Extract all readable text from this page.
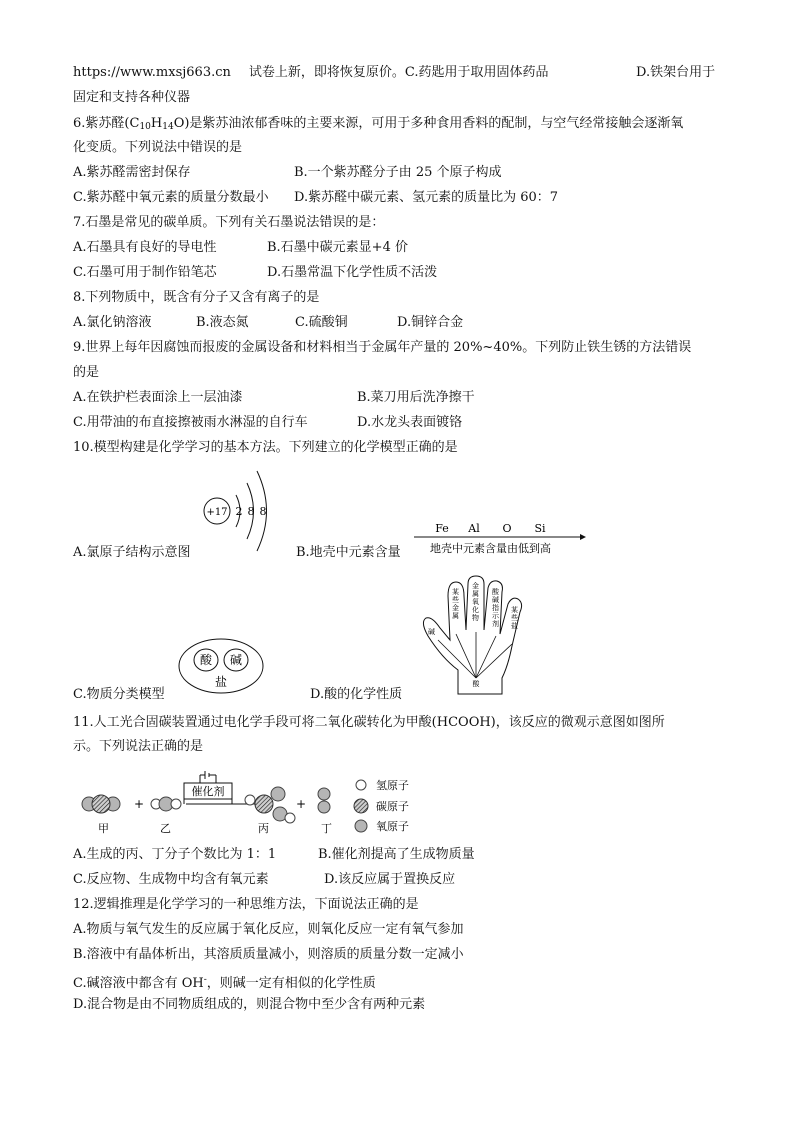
https://www.mxsj663.cn 试卷上新，即将恢复原价。C.药匙用于取用固体药品	D.铁架台用于
固定和支持各种仪器
6.紫苏醛$(C_{10}H_{14}O)$是紫苏油浓郁香味的主要来源，可用于多种食用香料的配制，与空气经常接触会逐渐氧
化变质。下列说法中错误的是
A.紫苏醛需密封保存	B.一个紫苏醛分子由 25 个原子构成
C.紫苏醛中氧元素的质量分数最小 D.紫苏醛中碳元素、氢元素的质量比为 60：7
7.石墨是常见的碳单质。下列有关石墨说法错误的是：
A.石墨具有良好的导电性	B.石墨中碳元素显+4 价
C.石墨可用于制作铅笔芯	D.石墨常温下化学性质不活泼
8.下列物质中，既含有分子又含有离子的是
A.氯化钠溶液	B.液态氮	C.硫酸铜	D.铜锌合金
9.世界上每年因腐蚀而报废的金属设备和材料相当于金属年产量的 20%~40%。下列防止铁生锈的方法错误
的是
A.在铁护栏表面涂上一层油漆	B.菜刀用后洗净擦干
C.用带油的布直接擦被雨水淋湿的自行车	D.水龙头表面镀铬
10.模型构建是化学学习的基本方法。下列建立的化学模型正确的是
+17 2 8 8
A.氯原子结构示意图
Fe Al O Si
地壳中元素含量由低到高
B.地壳中元素含量
酸 碱
盐
C.物质分类模型
某些金属
金属氧化物
酸碱指示剂
某些盐
碱
酸
D.酸的化学性质
11.人工光合固碳装置通过电化学手段可将二氧化碳转化为甲酸(HCOOH)，该反应的微观示意图如图所
示。下列说法正确的是
+
催化剂
+
甲	乙	丙	丁
氢原子
碳原子
氧原子
A.生成的丙、丁分子个数比为 1：1	B.催化剂提高了生成物质量
C.反应物、生成物中均含有氧元素	D.该反应属于置换反应
12.逻辑推理是化学学习的一种思维方法，下面说法正确的是
A.物质与氧气发生的反应属于氧化反应，则氧化反应一定有氧气参加
B.溶液中有晶体析出，其溶质质量减小，则溶质的质量分数一定减小
C.碱溶液中都含有 OH-，则碱一定有相似的化学性质
D.混合物是由不同物质组成的，则混合物中至少含有两种元素
